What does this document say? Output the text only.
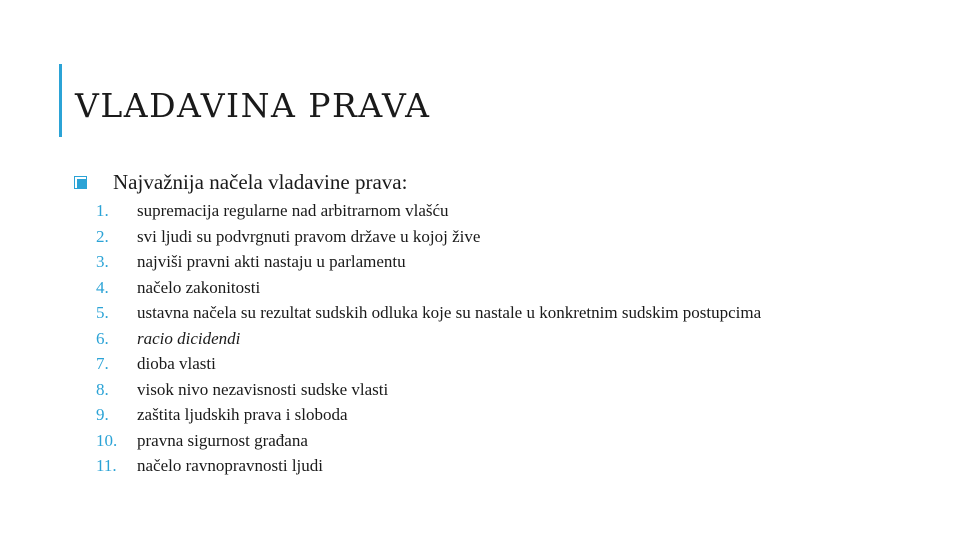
VLADAVINA PRAVA
Najvažnija načela vladavine prava:
1.	supremacija regularne nad arbitrarnom vlašću
2.	svi ljudi su podvrgnuti pravom države u kojoj žive
3.	najviši pravni akti nastaju u parlamentu
4.	načelo zakonitosti
5.	ustavna načela su rezultat sudskih odluka koje su nastale u konkretnim sudskim postupcima
6.	racio dicidendi
7.	dioba vlasti
8.	visok nivo nezavisnosti sudske vlasti
9.	zaštita ljudskih prava i sloboda
10.	pravna sigurnost građana
11.	načelo ravnopravnosti ljudi
